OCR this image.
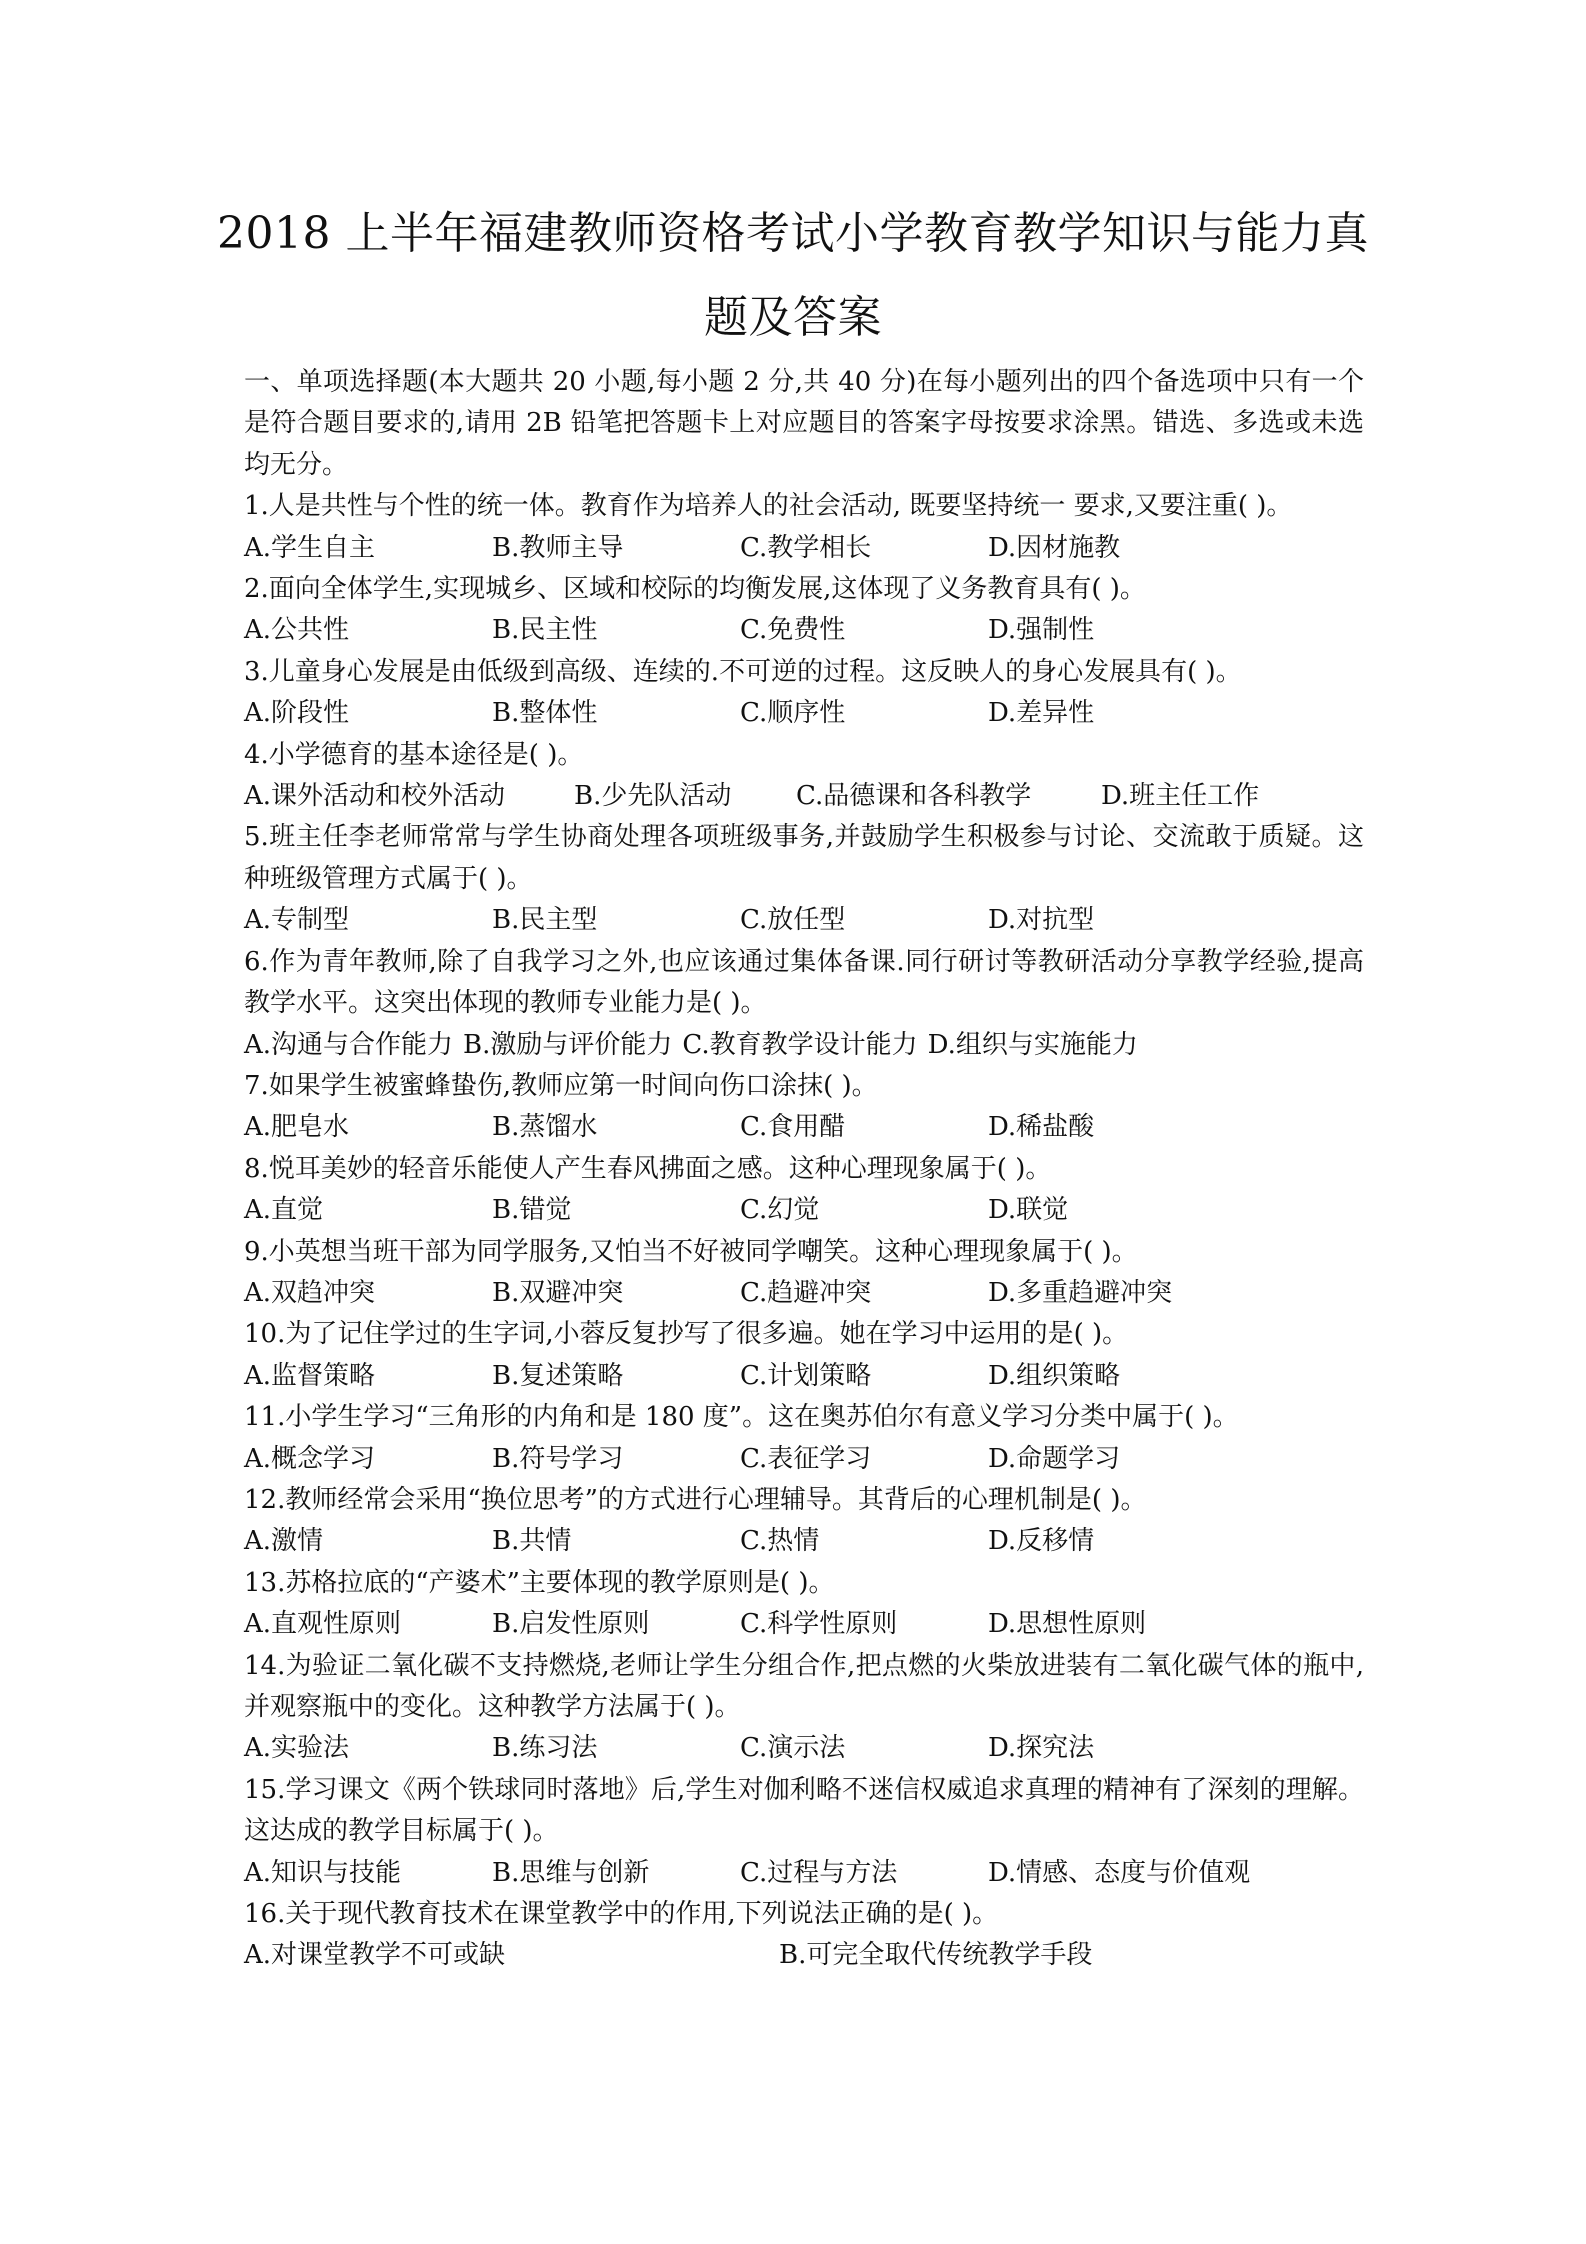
2018 上半年福建教师资格考试小学教育教学知识与能力真
题及答案

一、单项选择题(本大题共 20 小题,每小题 2 分,共 40 分)在每小题列出的四个备选项中只有一个是符合题目要求的,请用 2B 铅笔把答题卡上对应题目的答案字母按要求涂黑。错选、多选或未选均无分。

1.人是共性与个性的统一体。教育作为培养人的社会活动, 既要坚持统一 要求,又要注重( )。

A.学生自主	B.教师主导	C.教学相长	D.因材施教

2.面向全体学生,实现城乡、区域和校际的均衡发展,这体现了义务教育具有( )。

A.公共性	B.民主性	C.免费性	D.强制性

3.儿童身心发展是由低级到高级、连续的.不可逆的过程。这反映人的身心发展具有( )。

A.阶段性	B.整体性	C.顺序性	D.差异性

4.小学德育的基本途径是( )。

A.课外活动和校外活动	B.少先队活动	C.品德课和各科教学	D.班主任工作

5.班主任李老师常常与学生协商处理各项班级事务,并鼓励学生积极参与讨论、交流敢于质疑。这种班级管理方式属于( )。

A.专制型	B.民主型	C.放任型	D.对抗型

6.作为青年教师,除了自我学习之外,也应该通过集体备课.同行研讨等教研活动分享教学经验,提高教学水平。这突出体现的教师专业能力是( )。

A.沟通与合作能力 B.激励与评价能力 C.教育教学设计能力 D.组织与实施能力

7.如果学生被蜜蜂蛰伤,教师应第一时间向伤口涂抹( )。

A.肥皂水	B.蒸馏水	C.食用醋	D.稀盐酸

8.悦耳美妙的轻音乐能使人产生春风拂面之感。这种心理现象属于( )。

A.直觉	B.错觉	C.幻觉	D.联觉

9.小英想当班干部为同学服务,又怕当不好被同学嘲笑。这种心理现象属于( )。

A.双趋冲突	B.双避冲突	C.趋避冲突	D.多重趋避冲突

10.为了记住学过的生字词,小蓉反复抄写了很多遍。她在学习中运用的是( )。

A.监督策略	B.复述策略	C.计划策略	D.组织策略

11.小学生学习“三角形的内角和是 180 度”。这在奥苏伯尔有意义学习分类中属于( )。

A.概念学习	B.符号学习	C.表征学习	D.命题学习

12.教师经常会采用“换位思考”的方式进行心理辅导。其背后的心理机制是( )。

A.激情	B.共情	C.热情	D.反移情

13.苏格拉底的“产婆术”主要体现的教学原则是( )。

A.直观性原则	B.启发性原则	C.科学性原则	D.思想性原则

14.为验证二氧化碳不支持燃烧,老师让学生分组合作,把点燃的火柴放进装有二氧化碳气体的瓶中,并观察瓶中的变化。这种教学方法属于( )。

A.实验法	B.练习法	C.演示法	D.探究法

15.学习课文《两个铁球同时落地》后,学生对伽利略不迷信权威追求真理的精神有了深刻的理解。这达成的教学目标属于( )。

A.知识与技能	B.思维与创新	C.过程与方法	D.情感、态度与价值观

16.关于现代教育技术在课堂教学中的作用,下列说法正确的是( )。

A.对课堂教学不可或缺	B.可完全取代传统教学手段
